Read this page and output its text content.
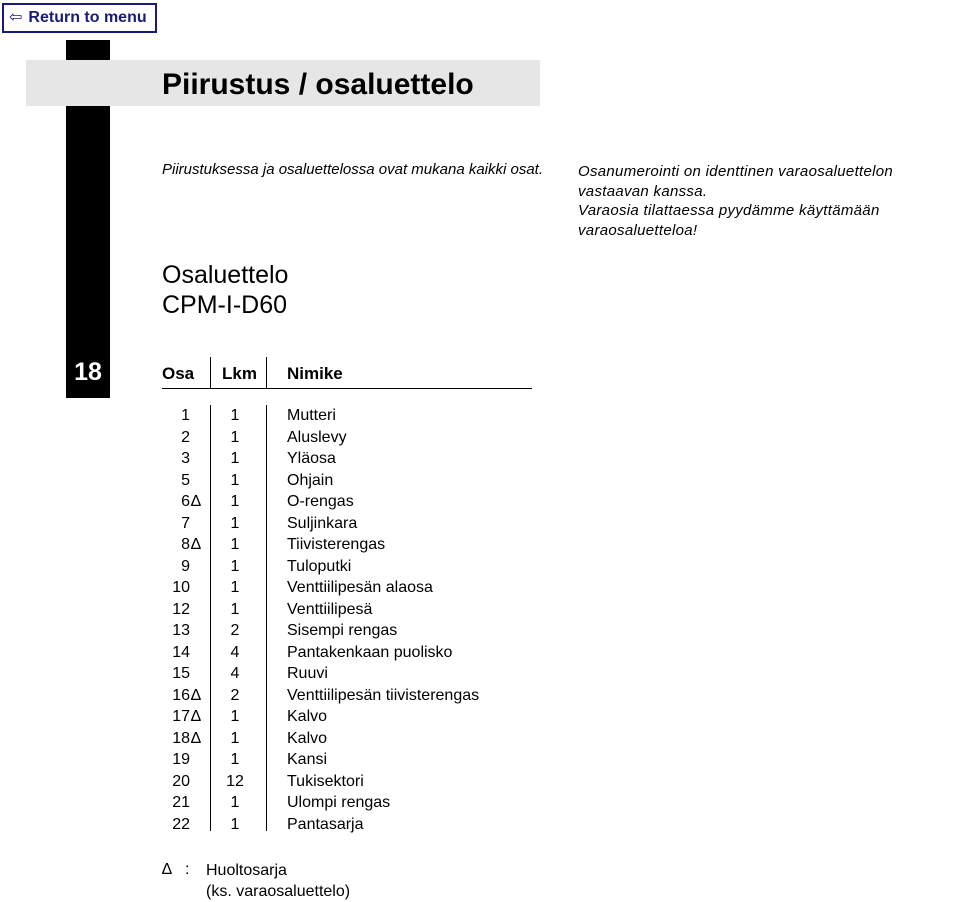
⇦ Return to menu
18
Piirustus / osaluettelo
Piirustuksessa ja osaluettelossa ovat mukana kaikki osat.	Osanumerointi on identtinen varaosaluettelon vastaavan kanssa.

Varaosia tilattaessa pyydämme käyttämään varaosaluetteloa!

Osaluettelo
CPM-I-D60
Osa Lkm Nimike
1	1	Mutteri
2	1	Aluslevy
3	1	Yläosa
5	1	Ohjain
6 ∆	1	O-rengas
7	1	Suljinkara
8 ∆	1	Tiivisterengas
9	1	Tuloputki
10	1	Venttiilipesän alaosa
12	1	Venttiilipesä
13	2	Sisempi rengas
14	4	Pantakenkaan puolisko
15	4	Ruuvi
16 ∆	2	Venttiilipesän tiivisterengas
17 ∆	1	Kalvo
18 ∆	1	Kalvo
19	1	Kansi
20	12	Tukisektori
21	1	Ulompi rengas
22	1	Pantasarja
∆ : Huoltosarja
(ks. varaosaluettelo)
